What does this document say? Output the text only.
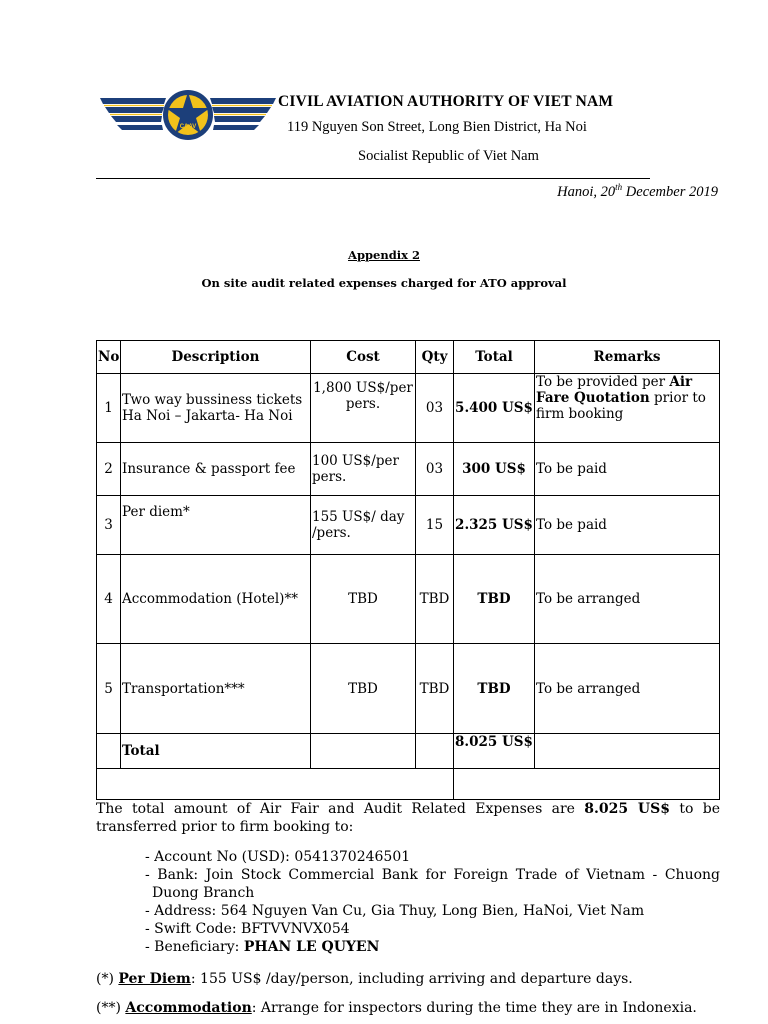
CAAV
CIVIL AVIATION AUTHORITY OF VIET NAM
119 Nguyen Son Street, Long Bien District, Ha Noi
Socialist Republic of Viet Nam
Hanoi, 20th December 2019
Appendix 2
On site audit related expenses charged for ATO approval
No	Description	Cost	Qty	Total	Remarks
1	Two way bussiness tickets Ha Noi – Jakarta- Ha Noi	1,800 US$/per pers.	03	5.400 US$	To be provided per Air Fare Quotation prior to firm booking
2	Insurance & passport fee	100 US$/per pers.	03	300 US$	To be paid
3	Per diem*	155 US$/ day /pers.	15	2.325 US$	To be paid
4	Accommodation (Hotel)**	TBD	TBD	TBD	To be arranged
5	Transportation***	TBD	TBD	TBD	To be arranged
	Total			8.025 US$	

The total amount of Air Fair and Audit Related Expenses are 8.025 US$ to be transferred prior to firm booking to:
- Account No (USD): 0541370246501
- Bank: Join Stock Commercial Bank for Foreign Trade of Vietnam - Chuong
Duong Branch
- Address: 564 Nguyen Van Cu, Gia Thuy, Long Bien, HaNoi, Viet Nam
- Swift Code: BFTVVNVX054
- Beneficiary: PHAN LE QUYEN
(*) Per Diem: 155 US$ /day/person, including arriving and departure days.
(**) Accommodation: Arrange for inspectors during the time they are in Indonexia.
